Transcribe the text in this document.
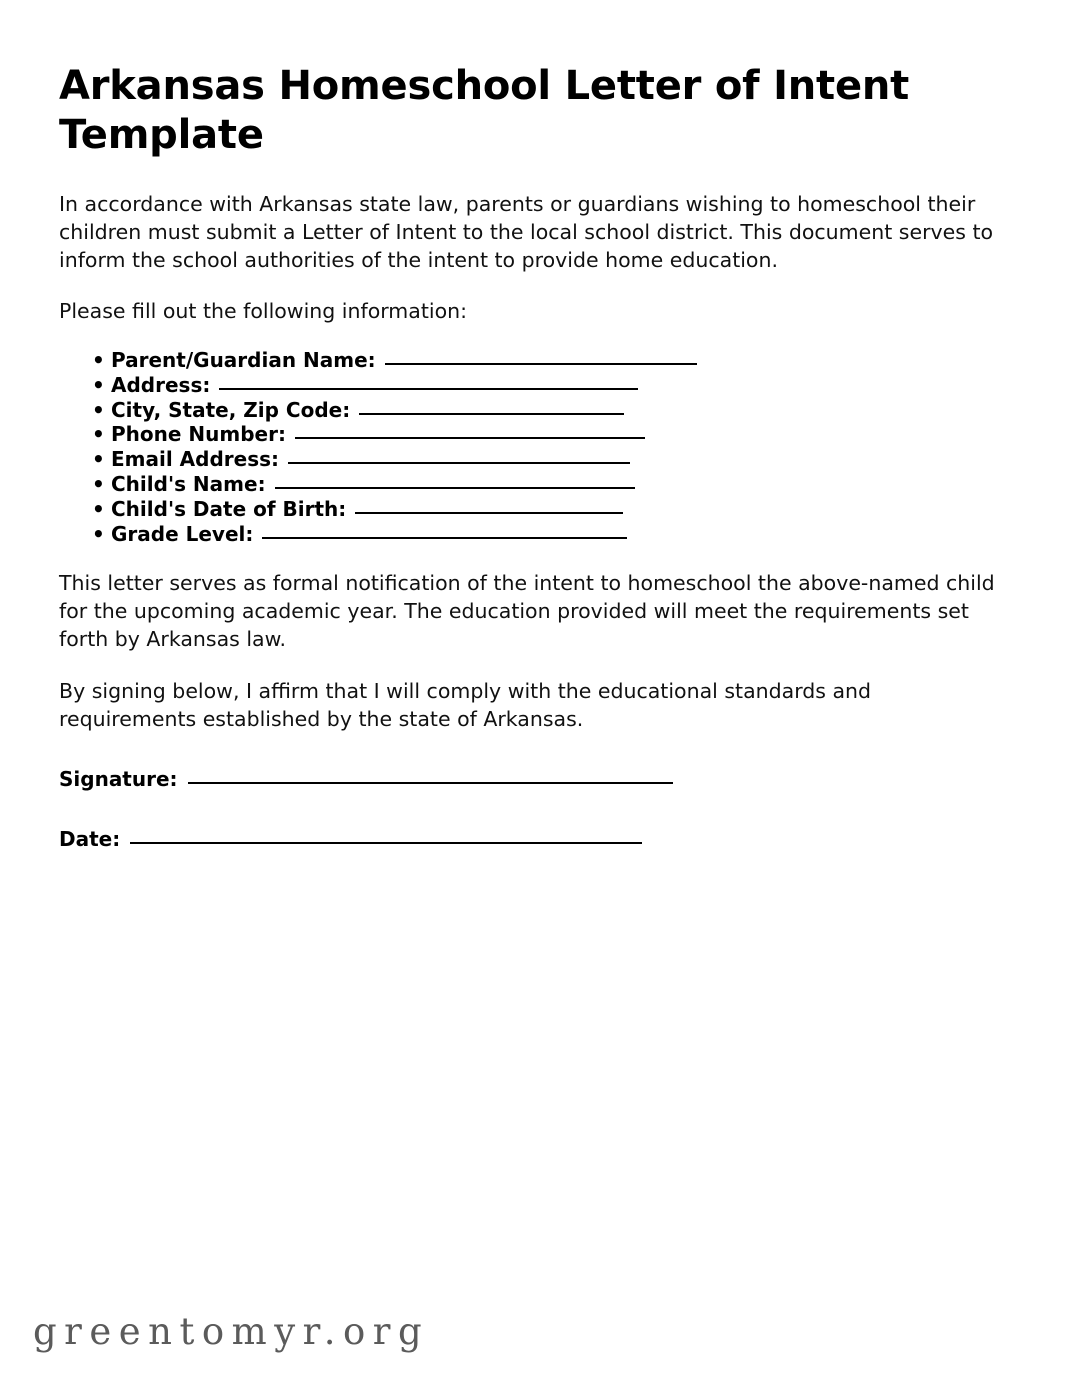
Arkansas Homeschool Letter of Intent Template

In accordance with Arkansas state law, parents or guardians wishing to homeschool their children must submit a Letter of Intent to the local school district. This document serves to inform the school authorities of the intent to provide home education.

Please fill out the following information:

• Parent/Guardian Name:
• Address:
• City, State, Zip Code:
• Phone Number:
• Email Address:
• Child's Name:
• Child's Date of Birth:
• Grade Level:

This letter serves as formal notification of the intent to homeschool the above-named child for the upcoming academic year. The education provided will meet the requirements set forth by Arkansas law.

By signing below, I affirm that I will comply with the educational standards and requirements established by the state of Arkansas.

Signature:

Date:

greentomyr.org
